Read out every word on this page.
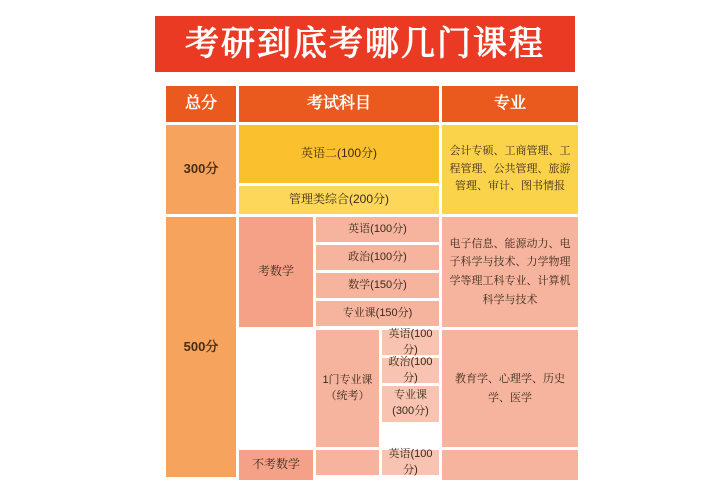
考研到底考哪几门课程
总分	考试科目	专业
300分
英语二(100分)
管理类综合(200分)
会计专硕、工商管理、工程管理、公共管理、旅游管理、审计、图书情报
500分
考数学
英语(100分)
政治(100分)
数学(150分)
专业课(150分)
电子信息、能源动力、电子科学与技术、力学物理学等理工科专业、计算机科学与技术
1门专业课（统考）
英语(100分)
政治(100分)
专业课(300分)
教育学、心理学、历史学、医学
不考数学
英语(100分)
